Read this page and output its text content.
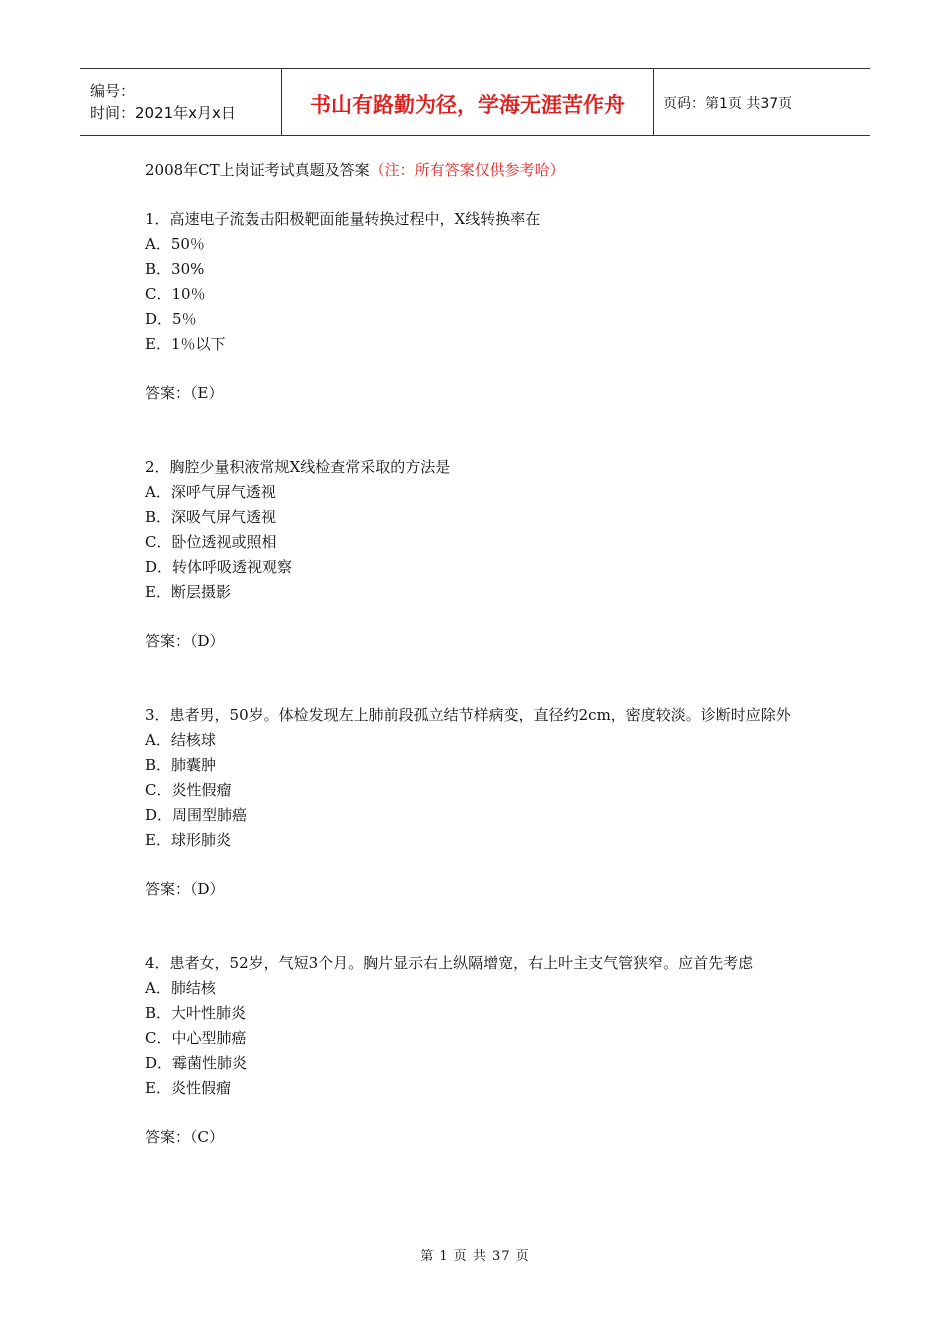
编号：
时间：2021年x月x日	书山有路勤为径，学海无涯苦作舟	页码：第1页 共37页
2008年CT上岗证考试真题及答案（注：所有答案仅供参考哈）
1．高速电子流轰击阳极靶面能量转换过程中，X线转换率在
A．50％
B．30%
C．10％
D．5％
E．1％以下
答案：（E）
2．胸腔少量积液常规X线检查常采取的方法是
A．深呼气屏气透视
B．深吸气屏气透视
C．卧位透视或照相
D．转体呼吸透视观察
E．断层摄影
答案：（D）
3．患者男，50岁。体检发现左上肺前段孤立结节样病变，直径约2cm，密度较淡。诊断时应除外
A．结核球
B．肺囊肿
C．炎性假瘤
D．周围型肺癌
E．球形肺炎
答案：（D）
4．患者女，52岁，气短3个月。胸片显示右上纵隔增宽，右上叶主支气管狭窄。应首先考虑
A．肺结核
B．大叶性肺炎
C．中心型肺癌
D．霉菌性肺炎
E．炎性假瘤
答案：（C）
第 1 页 共 37 页
